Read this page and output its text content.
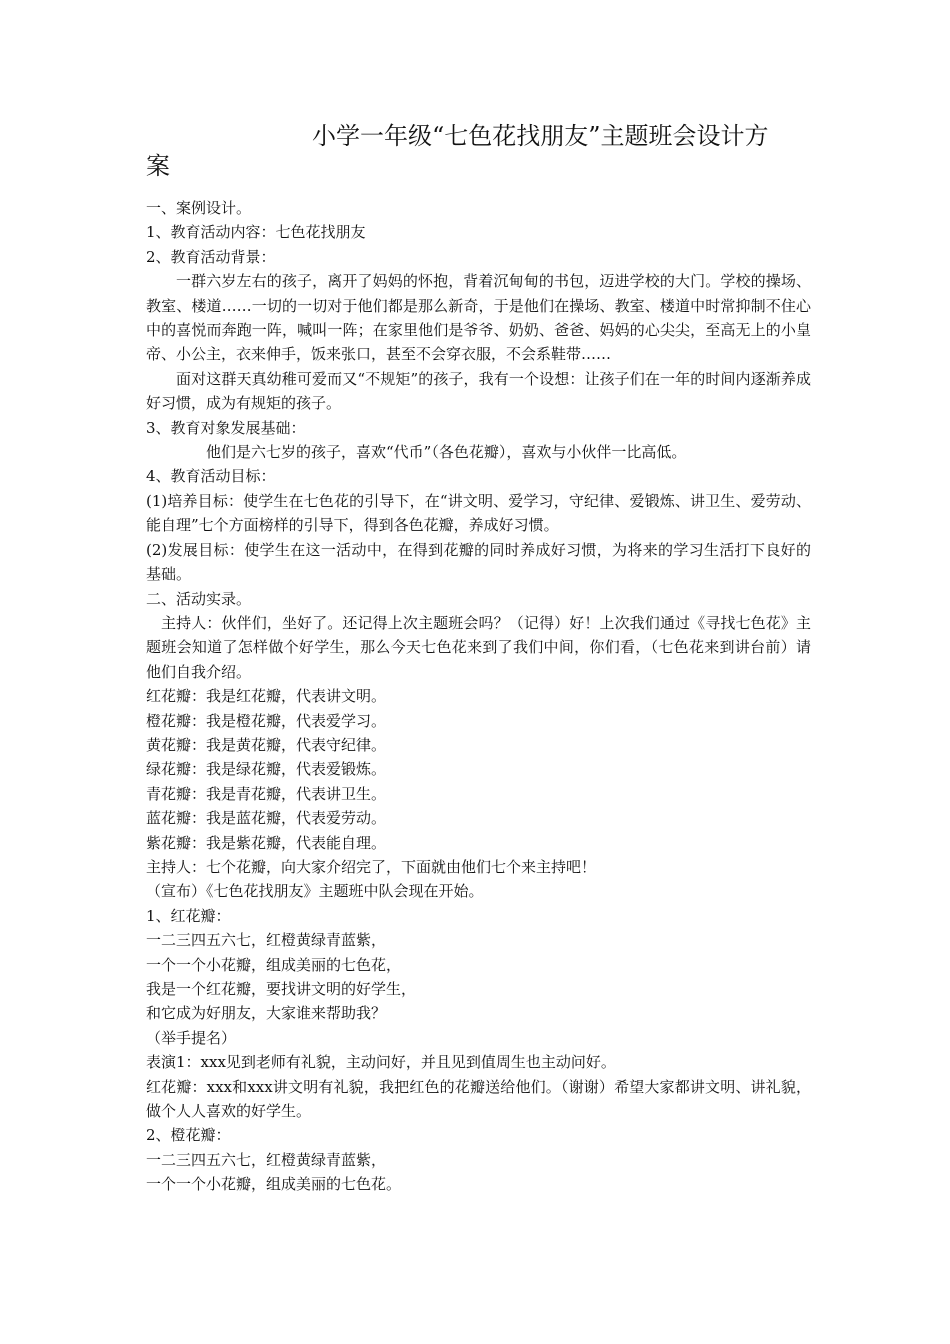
小学一年级“七色花找朋友”主题班会设计方
案

一、案例设计。

1、教育活动内容：七色花找朋友

2、教育活动背景：

一群六岁左右的孩子，离开了妈妈的怀抱，背着沉甸甸的书包，迈进学校的大门。学校的操场、教室、楼道……一切的一切对于他们都是那么新奇，于是他们在操场、教室、楼道中时常抑制不住心中的喜悦而奔跑一阵，喊叫一阵；在家里他们是爷爷、奶奶、爸爸、妈妈的心尖尖，至高无上的小皇帝、小公主，衣来伸手，饭来张口，甚至不会穿衣服，不会系鞋带……

面对这群天真幼稚可爱而又“不规矩”的孩子，我有一个设想：让孩子们在一年的时间内逐渐养成好习惯，成为有规矩的孩子。

3、教育对象发展基础：

他们是六七岁的孩子，喜欢“代币”（各色花瓣），喜欢与小伙伴一比高低。

4、教育活动目标：

(1)培养目标：使学生在七色花的引导下，在“讲文明、爱学习，守纪律、爱锻炼、讲卫生、爱劳动、能自理”七个方面榜样的引导下，得到各色花瓣，养成好习惯。

(2)发展目标：使学生在这一活动中，在得到花瓣的同时养成好习惯，为将来的学习生活打下良好的基础。

二、活动实录。

主持人：伙伴们，坐好了。还记得上次主题班会吗？（记得）好！上次我们通过《寻找七色花》主题班会知道了怎样做个好学生，那么今天七色花来到了我们中间，你们看，（七色花来到讲台前）请他们自我介绍。

红花瓣：我是红花瓣，代表讲文明。

橙花瓣：我是橙花瓣，代表爱学习。

黄花瓣：我是黄花瓣，代表守纪律。

绿花瓣：我是绿花瓣，代表爱锻炼。

青花瓣：我是青花瓣，代表讲卫生。

蓝花瓣：我是蓝花瓣，代表爱劳动。

紫花瓣：我是紫花瓣，代表能自理。

主持人：七个花瓣，向大家介绍完了，下面就由他们七个来主持吧！

（宣布）《七色花找朋友》主题班中队会现在开始。

1、红花瓣：

一二三四五六七，红橙黄绿青蓝紫，

一个一个小花瓣，组成美丽的七色花，

我是一个红花瓣，要找讲文明的好学生，

和它成为好朋友，大家谁来帮助我？

（举手提名）

表演1：xxx见到老师有礼貌，主动问好，并且见到值周生也主动问好。

红花瓣：xxx和xxx讲文明有礼貌，我把红色的花瓣送给他们。（谢谢）希望大家都讲文明、讲礼貌，做个人人喜欢的好学生。

2、橙花瓣：

一二三四五六七，红橙黄绿青蓝紫，

一个一个小花瓣，组成美丽的七色花。
